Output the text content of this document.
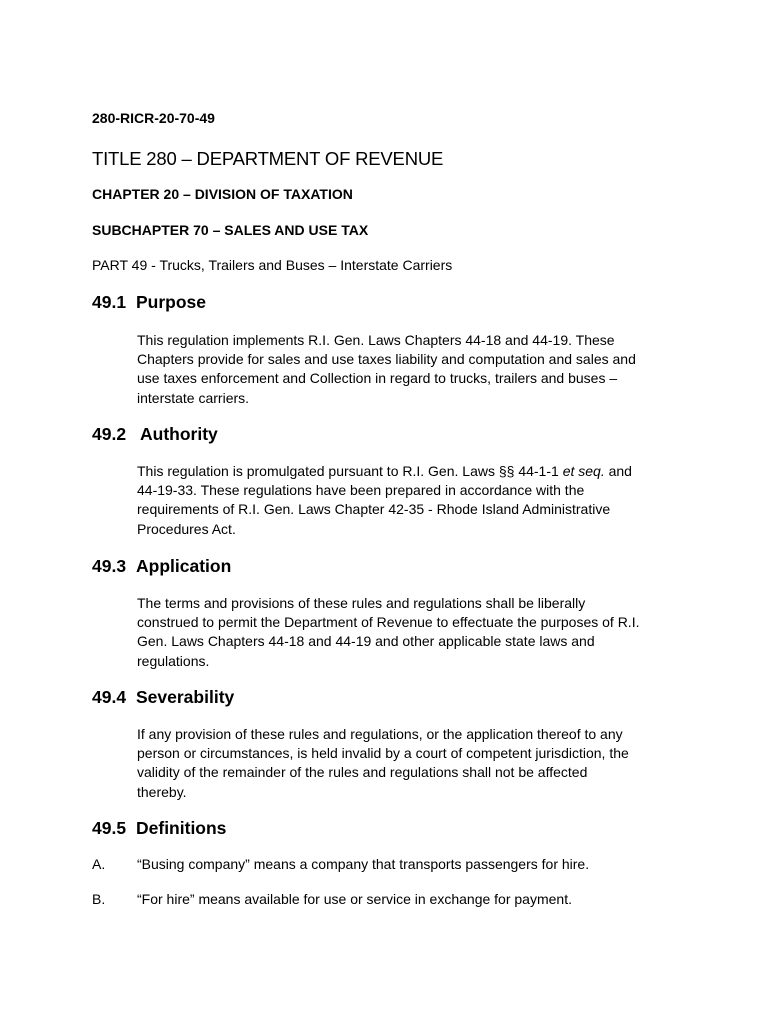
280-RICR-20-70-49
TITLE 280 – DEPARTMENT OF REVENUE
CHAPTER 20 – DIVISION OF TAXATION
SUBCHAPTER 70 – SALES AND USE TAX
PART 49 - Trucks, Trailers and Buses – Interstate Carriers
49.1 Purpose
This regulation implements R.I. Gen. Laws Chapters 44-18 and 44-19. These
Chapters provide for sales and use taxes liability and computation and sales and
use taxes enforcement and Collection in regard to trucks, trailers and buses –
interstate carriers.
49.2 Authority
This regulation is promulgated pursuant to R.I. Gen. Laws §§ 44-1-1 et seq. and
44-19-33. These regulations have been prepared in accordance with the
requirements of R.I. Gen. Laws Chapter 42-35 - Rhode Island Administrative
Procedures Act.
49.3 Application
The terms and provisions of these rules and regulations shall be liberally
construed to permit the Department of Revenue to effectuate the purposes of R.I.
Gen. Laws Chapters 44-18 and 44-19 and other applicable state laws and
regulations.
49.4 Severability
If any provision of these rules and regulations, or the application thereof to any
person or circumstances, is held invalid by a court of competent jurisdiction, the
validity of the remainder of the rules and regulations shall not be affected
thereby.
49.5 Definitions
A. “Busing company” means a company that transports passengers for hire.
B. “For hire” means available for use or service in exchange for payment.
